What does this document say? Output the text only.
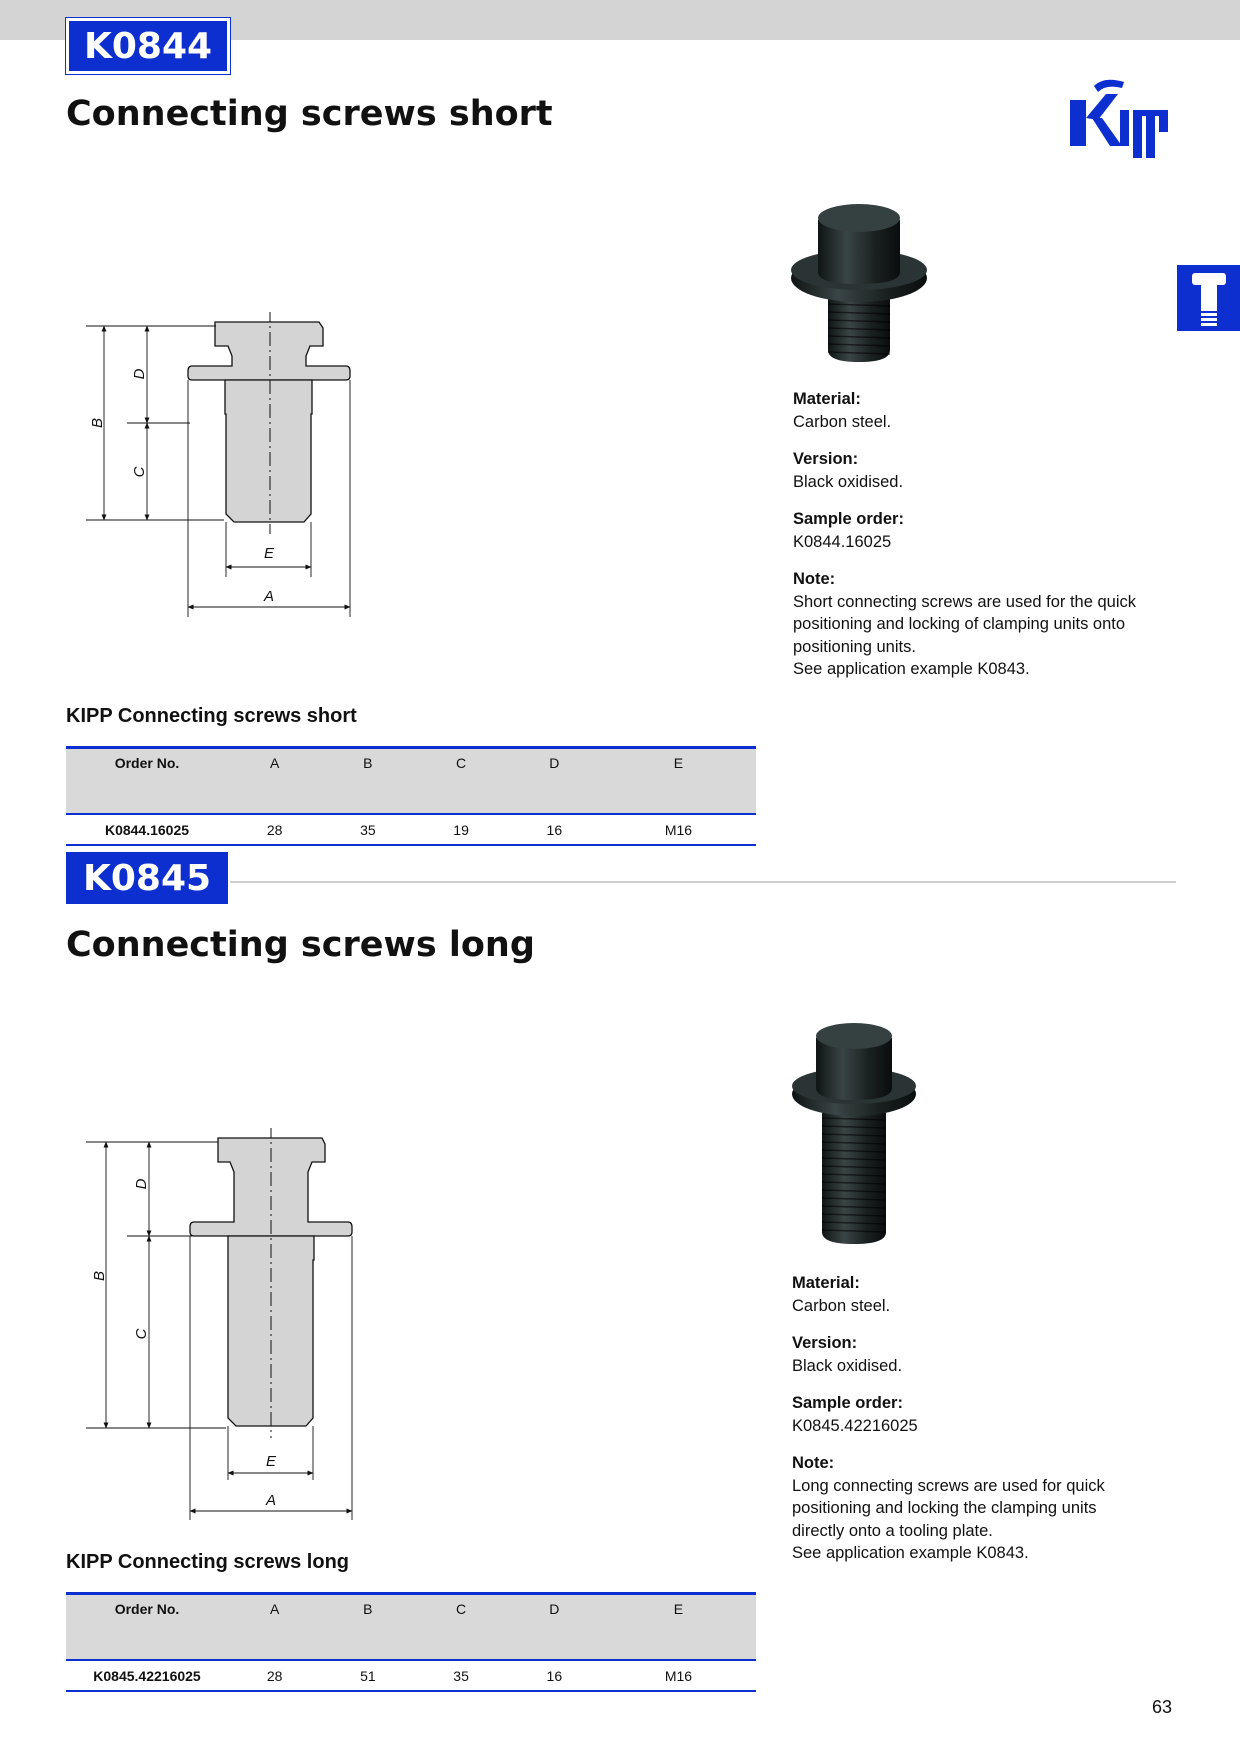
K0844
Connecting screws short
B
D
C
E
A
Material:
Carbon steel.
Version:
Black oxidised.
Sample order:
K0844.16025
Note:
Short connecting screws are used for the quick
positioning and locking of clamping units onto
positioning units.
See application example K0843.
KIPP Connecting screws short
Order No.	A	B	C	D	E
K0844.16025	28	35	19	16	M16
K0845
Connecting screws long
B
D
C
E
A
Material:
Carbon steel.
Version:
Black oxidised.
Sample order:
K0845.42216025
Note:
Long connecting screws are used for quick
positioning and locking the clamping units
directly onto a tooling plate.
See application example K0843.
KIPP Connecting screws long
Order No.	A	B	C	D	E
K0845.42216025	28	51	35	16	M16
63
